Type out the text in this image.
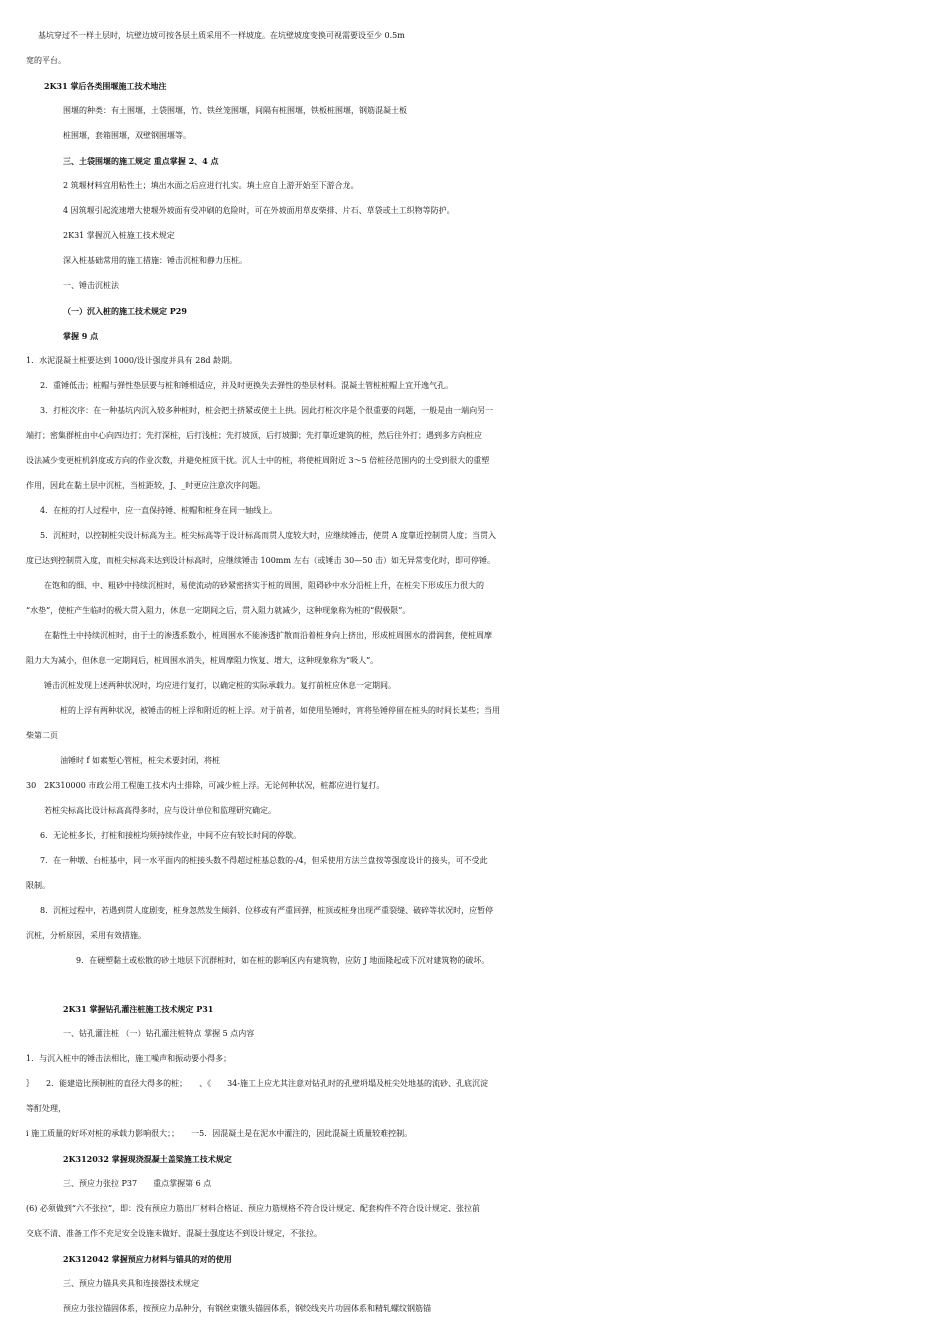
基坑穿过不一样土层时，坑壁边坡可按各层土质采用不一样坡度。在坑壁坡度变换可视需要设至少 0.5m
宽的平台。
2K31 掌后各类围堰施工技术地注
围堰的种类：有土围堰，土袋围堰，竹、铁丝笼围堰，间隔有桩围堰，铁板桩围堰，钢筋混凝土板
桩围堰，套箱围堰，双壁钢围堰等。
三、土袋围堰的施工规定 重点掌握 2、4 点
2 筑堰材料宜用粘性土；填出水面之后应进行扎实。填土应自上游开始至下游合龙。
4 因筑堰引起流速增大使堰外坡面有受冲刷的危险时，可在外坡面用草皮柴排、片石、草袋或土工织物等防护。
2K31 掌握沉入桩施工技术规定
深入桩基础常用的施工措施：锤击沉桩和静力压桩。
一、锤击沉桩法
（一）沉入桩的施工技术规定 P29
掌握 9 点
1．水泥混凝土桩要达到 1000/设计强度并具有 28d 龄期。
2．重锤低击；桩帽与弹性垫层要与桩和锤相适应，并及时更换失去弹性的垫层材料。混凝土管桩桩帽上宜开逸气孔。
3．打桩次序：在一种基坑内沉入较多种桩时，桩会把土挤紧或使土上拱。因此打桩次序是个很重要的问题，一般是由一端向另一
端打；密集群桩由中心向四边打；先打深桩，后打浅桩；先打坡顶，后打坡脚；先打靠近建筑的桩，然后往外打；遇到多方向桩应
设法减少变更桩机斜度或方向的作业次数，并避免桩顶干扰。沉人士中的桩，将使桩周附近 3～5 倍桩径范围内的土受到很大的重塑
作用，因此在黏土层中沉桩，当桩距较，J、_时更应注意次序问题。
4．在桩的打人过程中，应一直保持锤、桩帽和桩身在同一轴线上。
5．沉桩时，以控制桩尖设计标高为主。桩尖标高等于设计标高而贯人度较大时，应继续锤击，使贯 A 度靠近控制贯人度；当贯入
度已达到控制贯入度，而桩尖标高未达到设计标高时，应继续锤击 100mm 左右（或锤击 30—50 击）如无异常变化时，即可停锤。
在饱和的细、中、粗砂中持续沉桩时，易使流动的砂紧密挤实于桩的周围，阻碍砂中水分沿桩上升，在桩尖下形成压力很大的
“水垫”，使桩产生临时的极大贯入阻力，休息一定期间之后，贯入阻力就减少，这种现象称为桩的“假极限”。
在黏性土中持续沉桩时，由于土的渗透系数小，桩周围水不能渗透扩散而沿着桩身向上挤出，形成桩周围水的滑润套，使桩周摩
阻力大为减小，但休息一定期间后，桩周围水消失，桩周摩阻力恢复、增大，这种现象称为“吸人”。
锤击沉桩发现上述两种状况时，均应进行复打，以确定桩的实际承载力。复打前桩应休息一定期间。
桩的上浮有两种状况，被锤击的桩上浮和附近的桩上浮。对于前者，如使用坠锤时，宵将坠锤停留在桩头的时间长某些；当用
柴第二页
油锤时 f 如素堑心管桩，桩尖术要封闭，将桩
30　2K310000 市政公用工程施工技术内土排除，可减少桩上浮。无论何种状况，桩都应进行复打。
若桩尖标高比设计标高高得多时，应与设计单位和监理研究确定。
6．无论桩多长，打桩和接桩均须持续作业，中间不应有较长时间的停歇。
7．在一种墩、台桩基中，同一水平面内的桩接头数不得超过桩基总数的-/4，但采使用方法兰盘按等强度设计的接头，可不受此
限制。
8．沉桩过程中，若遇到贯人度剧变，桩身忽然发生倾斜、位移或有严重回弹，桩顶或桩身出现严重裂缝、破碎等状况时，应暂停
沉桩，分析原因，采用有效措施。
9．在硬塑黏土或松散的砂土地层下沉群桩时，如在桩的影响区内有建筑物，应防 J 地面隆起或下沉对建筑物的破坏。
2K31 掌握钻孔灌注桩施工技术规定 P31
一、钻孔灌注桩 （一）钻孔灌注桩特点 掌握 5 点内容
1．与沉入桩中的锤击法相比，施工噪声和振动要小得多；
｝　　2．能建造比预制桩的直径大得多的桩；　　、《　　34-施工上应尤其注意对钻孔时的孔壁坍塌及桩尖处地基的流砂、孔底沉淀
等酊处理，
i 施工质量的好坏对桩的承载力影响很大；；　　一5．因混凝土是在泥水中灌注的，因此混凝土质量较难控制。
2K312032 掌握现浇混凝土盖梁施工技术规定
三、预应力张拉 P37　　重点掌握第 6 点
(6) 必须做到“六不张拉”，即：没有预应力筋出厂材料合格证、预应力筋规格不符合设计规定、配套构件不符合设计规定、张拉前
交底不清、准备工作不充足安全设施未做好、混凝土强度达不到设计规定，不张拉。
2K312042 掌握预应力材料与锚具的对的使用
三、预应力锚具夹具和连接器技术规定
预应力张拉锚固体系，按预应力品种分，有钢丝束镦头锚固体系，钢绞线夹片功固体系和精轧螺纹钢筋锚
